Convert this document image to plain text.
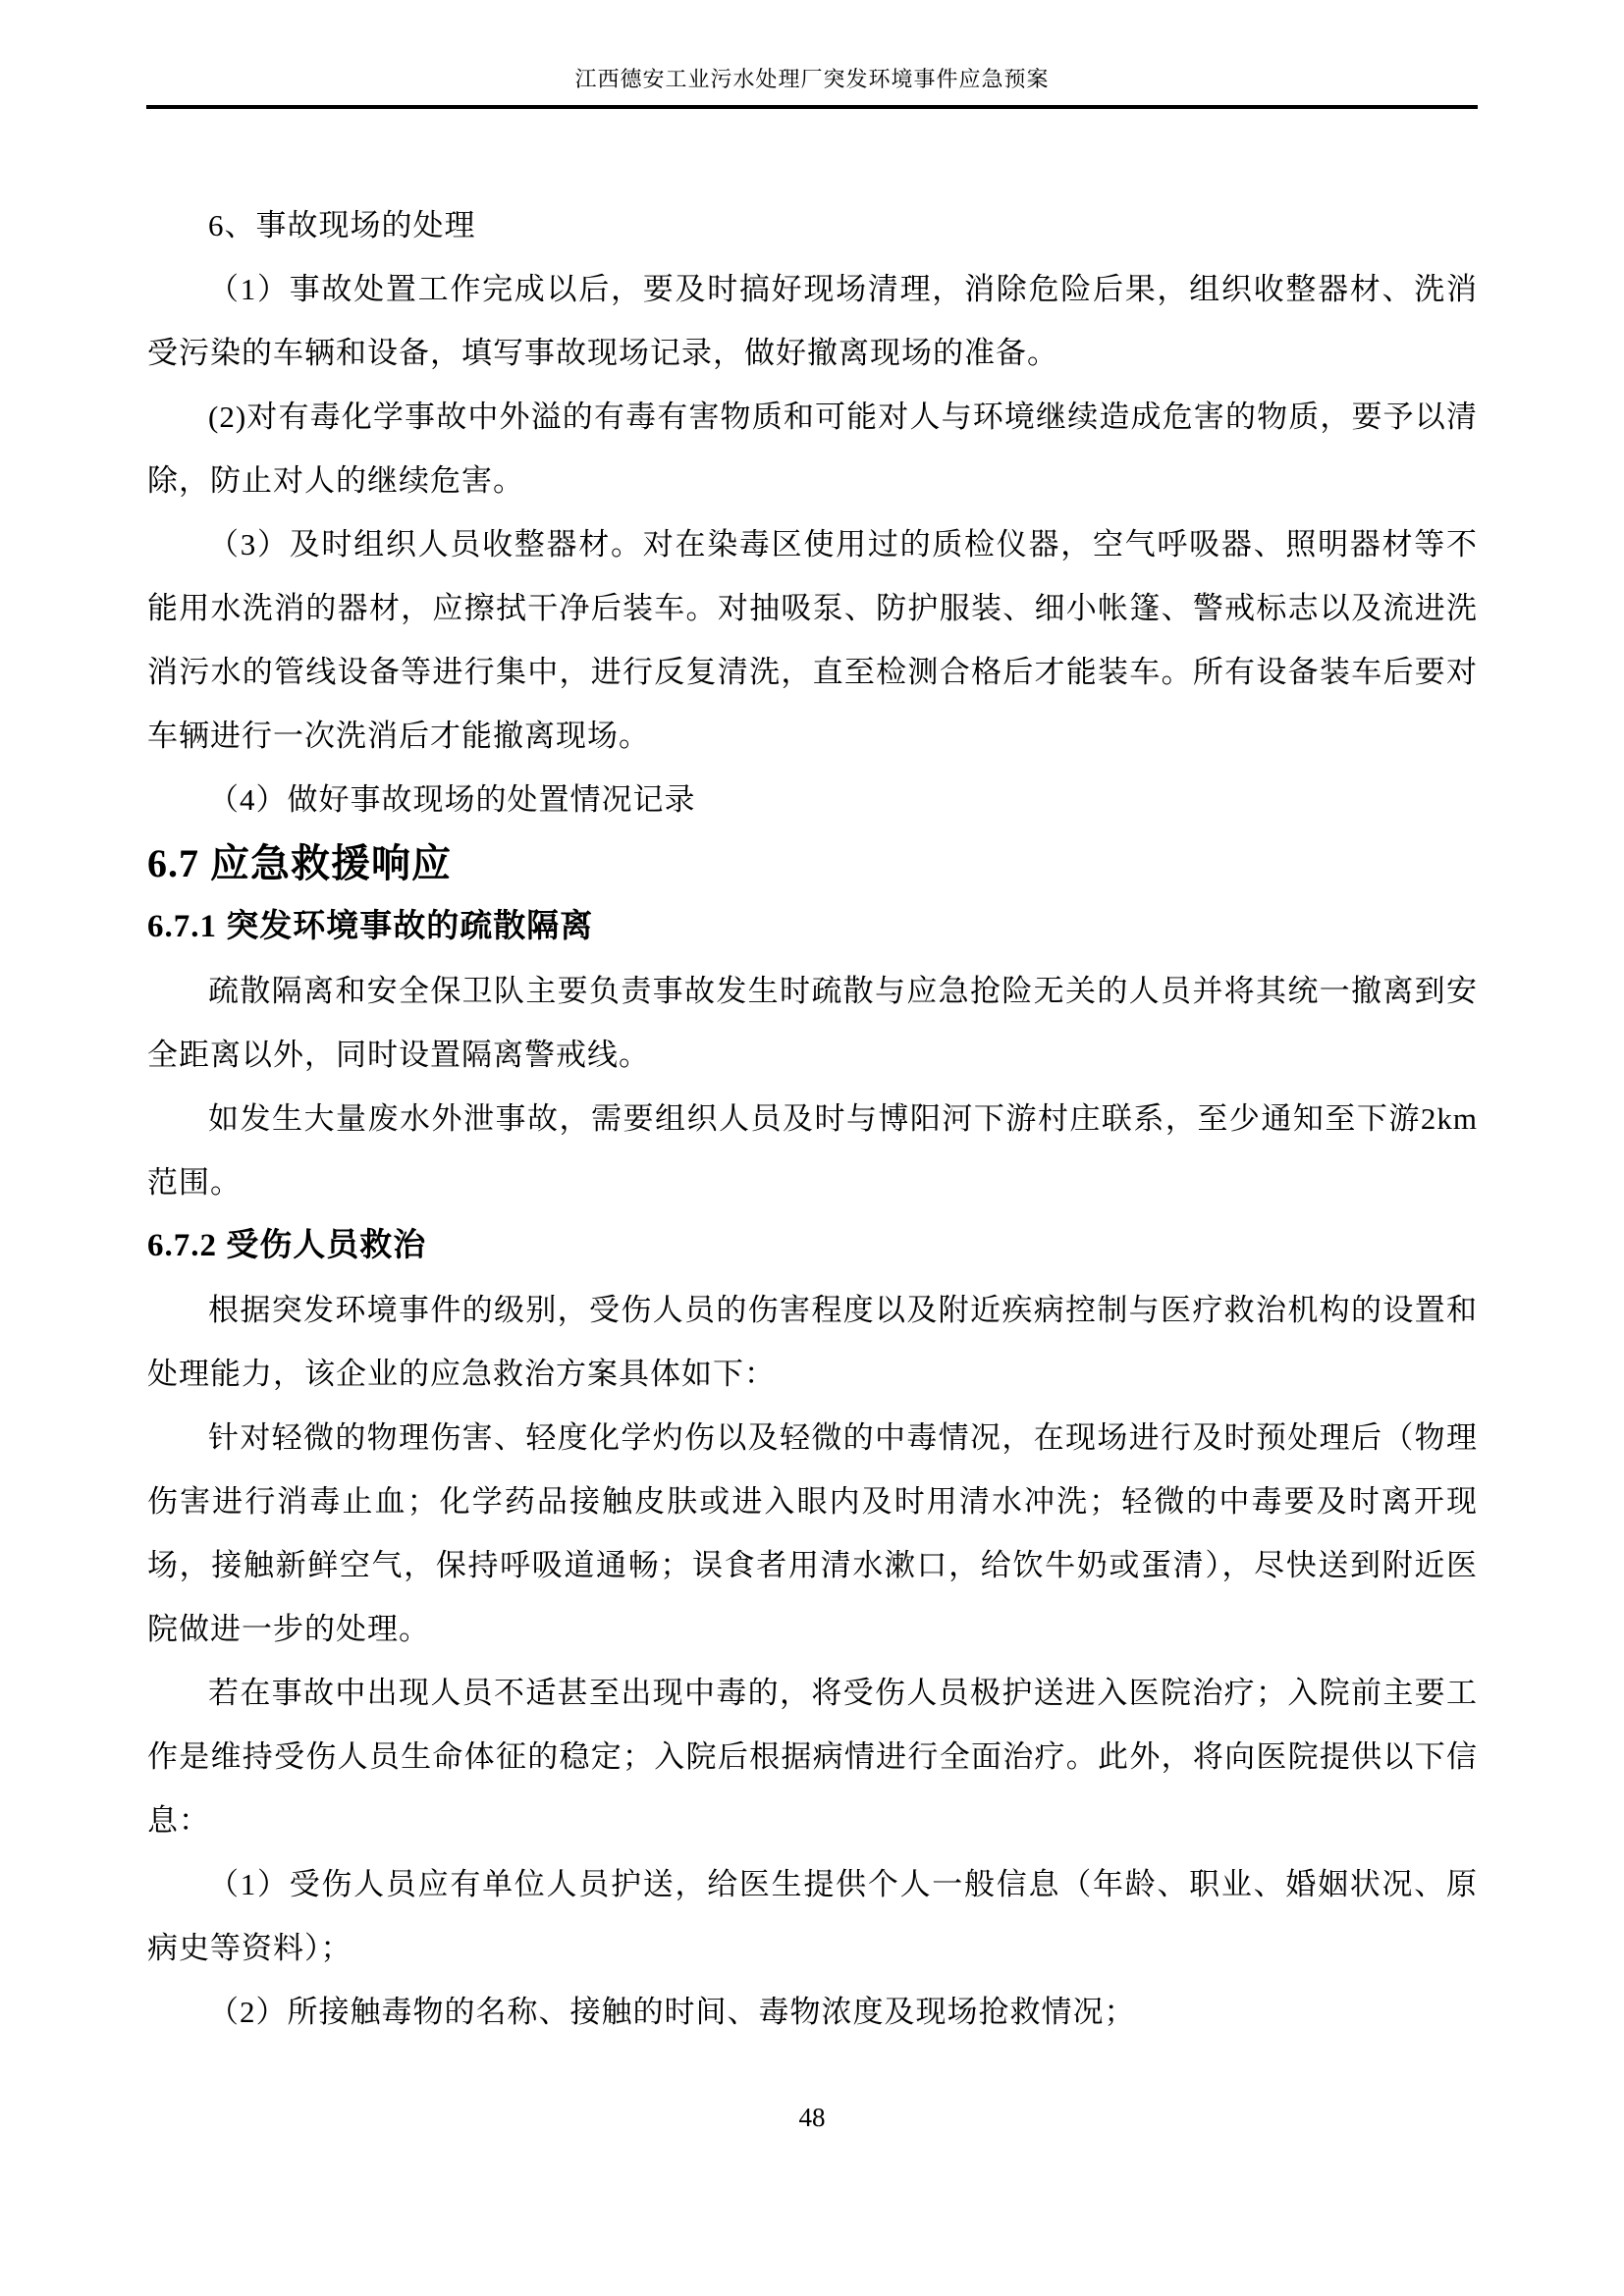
江西德安工业污水处理厂突发环境事件应急预案

6、事故现场的处理

（1）事故处置工作完成以后，要及时搞好现场清理，消除危险后果，组织收整器材、洗消受污染的车辆和设备，填写事故现场记录，做好撤离现场的准备。

(2)对有毒化学事故中外溢的有毒有害物质和可能对人与环境继续造成危害的物质，要予以清除，防止对人的继续危害。

（3）及时组织人员收整器材。对在染毒区使用过的质检仪器，空气呼吸器、照明器材等不能用水洗消的器材，应擦拭干净后装车。对抽吸泵、防护服装、细小帐篷、警戒标志以及流进洗消污水的管线设备等进行集中，进行反复清洗，直至检测合格后才能装车。所有设备装车后要对车辆进行一次洗消后才能撤离现场。

（4）做好事故现场的处置情况记录

6.7 应急救援响应
6.7.1 突发环境事故的疏散隔离

疏散隔离和安全保卫队主要负责事故发生时疏散与应急抢险无关的人员并将其统一撤离到安全距离以外，同时设置隔离警戒线。

如发生大量废水外泄事故，需要组织人员及时与博阳河下游村庄联系，至少通知至下游2km 范围。

6.7.2 受伤人员救治

根据突发环境事件的级别，受伤人员的伤害程度以及附近疾病控制与医疗救治机构的设置和处理能力，该企业的应急救治方案具体如下：

针对轻微的物理伤害、轻度化学灼伤以及轻微的中毒情况，在现场进行及时预处理后（物理伤害进行消毒止血；化学药品接触皮肤或进入眼内及时用清水冲洗；轻微的中毒要及时离开现场，接触新鲜空气，保持呼吸道通畅；误食者用清水漱口，给饮牛奶或蛋清），尽快送到附近医院做进一步的处理。

若在事故中出现人员不适甚至出现中毒的，将受伤人员极护送进入医院治疗；入院前主要工作是维持受伤人员生命体征的稳定；入院后根据病情进行全面治疗。此外，将向医院提供以下信息：

（1）受伤人员应有单位人员护送，给医生提供个人一般信息（年龄、职业、婚姻状况、原病史等资料）；

（2）所接触毒物的名称、接触的时间、毒物浓度及现场抢救情况；

48
